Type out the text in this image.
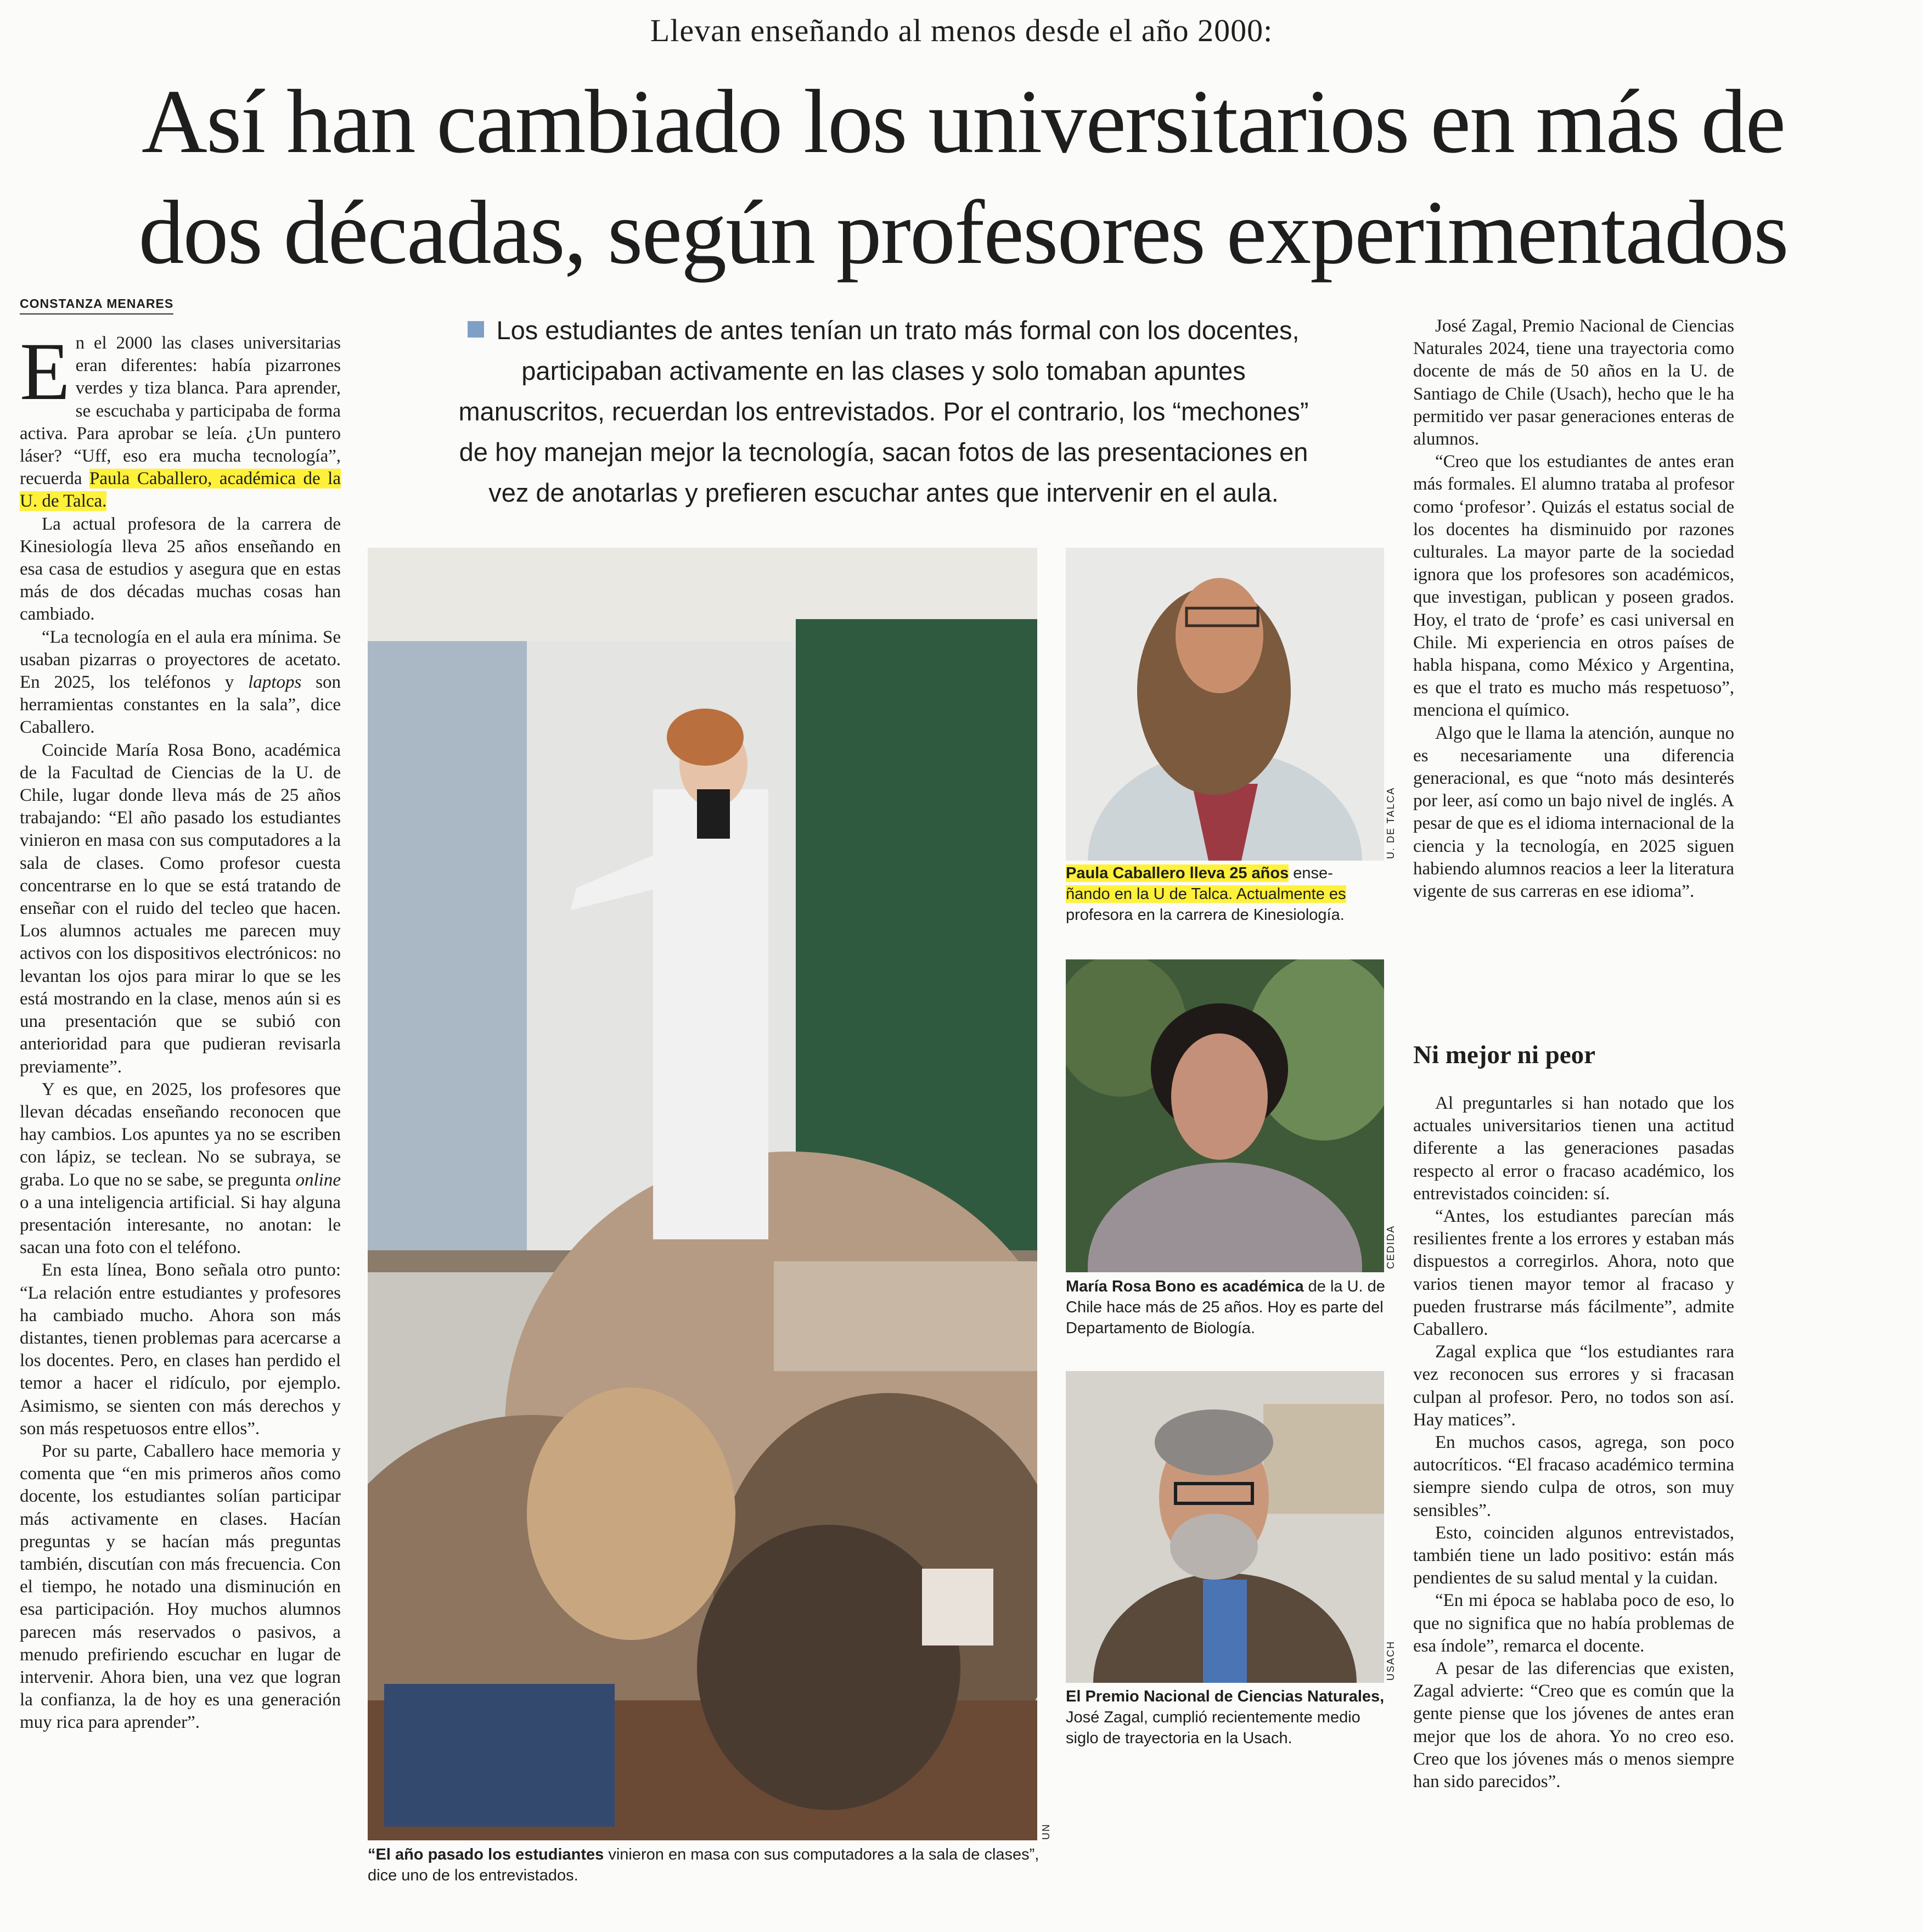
Llevan enseñando al menos desde el año 2000:
Así han cambiado los universitarios en más de
dos décadas, según profesores experimentados
CONSTANZA MENARES

En el 2000 las clases universitarias eran diferentes: había pizarrones verdes y tiza blanca. Para aprender, se escuchaba y participaba de forma activa. Para aprobar se leía. ¿Un puntero láser? “Uff, eso era mucha tecnología”, recuerda Paula Caballero, académica de la U. de Talca.

La actual profesora de la carrera de Kinesiología lleva 25 años enseñando en esa casa de estudios y asegura que en estas más de dos décadas muchas cosas han cambiado.

“La tecnología en el aula era mínima. Se usaban pizarras o proyectores de acetato. En 2025, los teléfonos y laptops son herramientas constantes en la sala”, dice Caballero.

Coincide María Rosa Bono, académica de la Facultad de Ciencias de la U. de Chile, lugar donde lleva más de 25 años trabajando: “El año pasado los estudiantes vinieron en masa con sus computadores a la sala de clases. Como profesor cuesta concentrarse en lo que se está tratando de enseñar con el ruido del tecleo que hacen. Los alumnos actuales me parecen muy activos con los dispositivos electrónicos: no levantan los ojos para mirar lo que se les está mostrando en la clase, menos aún si es una presentación que se subió con anterioridad para que pudieran revisarla previamente”.

Y es que, en 2025, los profesores que llevan décadas enseñando reconocen que hay cambios. Los apuntes ya no se escriben con lápiz, se teclean. No se subraya, se graba. Lo que no se sabe, se pregunta online o a una inteligencia artificial. Si hay alguna presentación interesante, no anotan: le sacan una foto con el teléfono.

En esta línea, Bono señala otro punto: “La relación entre estudiantes y profesores ha cambiado mucho. Ahora son más distantes, tienen problemas para acercarse a los docentes. Pero, en clases han perdido el temor a hacer el ridículo, por ejemplo. Asimismo, se sienten con más derechos y son más respetuosos entre ellos”.

Por su parte, Caballero hace memoria y comenta que “en mis primeros años como docente, los estudiantes solían participar más activamente en clases. Hacían preguntas y se hacían más preguntas también, discutían con más frecuencia. Con el tiempo, he notado una disminución en esa participación. Hoy muchos alumnos parecen más reservados o pasivos, a menudo prefiriendo escuchar en lugar de intervenir. Ahora bien, una vez que logran la confianza, la de hoy es una generación muy rica para aprender”.

Los estudiantes de antes tenían un trato más formal con los docentes,
participaban activamente en las clases y solo tomaban apuntes
manuscritos, recuerdan los entrevistados. Por el contrario, los “mechones”
de hoy manejan mejor la tecnología, sacan fotos de las presentaciones en
vez de anotarlas y prefieren escuchar antes que intervenir en el aula.
UN
“El año pasado los estudiantes vinieron en masa con sus computadores a la sala de clases”, dice uno de los entrevistados.
U. DE TALCA
Paula Caballero lleva 25 años ense-
ñando en la U de Talca. Actualmente es
profesora en la carrera de Kinesiología.
CEDIDA
María Rosa Bono es académica de la U. de Chile hace más de 25 años. Hoy es parte del Departamento de Biología.
USACH
El Premio Nacional de Ciencias Naturales, José Zagal, cumplió recientemente medio siglo de trayectoria en la Usach.

José Zagal, Premio Nacional de Ciencias Naturales 2024, tiene una trayectoria como docente de más de 50 años en la U. de Santiago de Chile (Usach), hecho que le ha permitido ver pasar generaciones enteras de alumnos.

“Creo que los estudiantes de antes eran más formales. El alumno trataba al profesor como ‘profesor’. Quizás el estatus social de los docentes ha disminuido por razones culturales. La mayor parte de la sociedad ignora que los profesores son académicos, que investigan, publican y poseen grados. Hoy, el trato de ‘profe’ es casi universal en Chile. Mi experiencia en otros países de habla hispana, como México y Argentina, es que el trato es mucho más respetuoso”, menciona el químico.

Algo que le llama la atención, aunque no es necesariamente una diferencia generacional, es que “noto más desinterés por leer, así como un bajo nivel de inglés. A pesar de que es el idioma internacional de la ciencia y la tecnología, en 2025 siguen habiendo alumnos reacios a leer la literatura vigente de sus carreras en ese idioma”.

Ni mejor ni peor

Al preguntarles si han notado que los actuales universitarios tienen una actitud diferente a las generaciones pasadas respecto al error o fracaso académico, los entrevistados coinciden: sí.

“Antes, los estudiantes parecían más resilientes frente a los errores y estaban más dispuestos a corregirlos. Ahora, noto que varios tienen mayor temor al fracaso y pueden frustrarse más fácilmente”, admite Caballero.

Zagal explica que “los estudiantes rara vez reconocen sus errores y si fracasan culpan al profesor. Pero, no todos son así. Hay matices”.

En muchos casos, agrega, son poco autocríticos. “El fracaso académico termina siempre siendo culpa de otros, son muy sensibles”.

Esto, coinciden algunos entrevistados, también tiene un lado positivo: están más pendientes de su salud mental y la cuidan.

“En mi época se hablaba poco de eso, lo que no significa que no había problemas de esa índole”, remarca el docente.

A pesar de las diferencias que existen, Zagal advierte: “Creo que es común que la gente piense que los jóvenes de antes eran mejor que los de ahora. Yo no creo eso. Creo que los jóvenes más o menos siempre han sido parecidos”.
